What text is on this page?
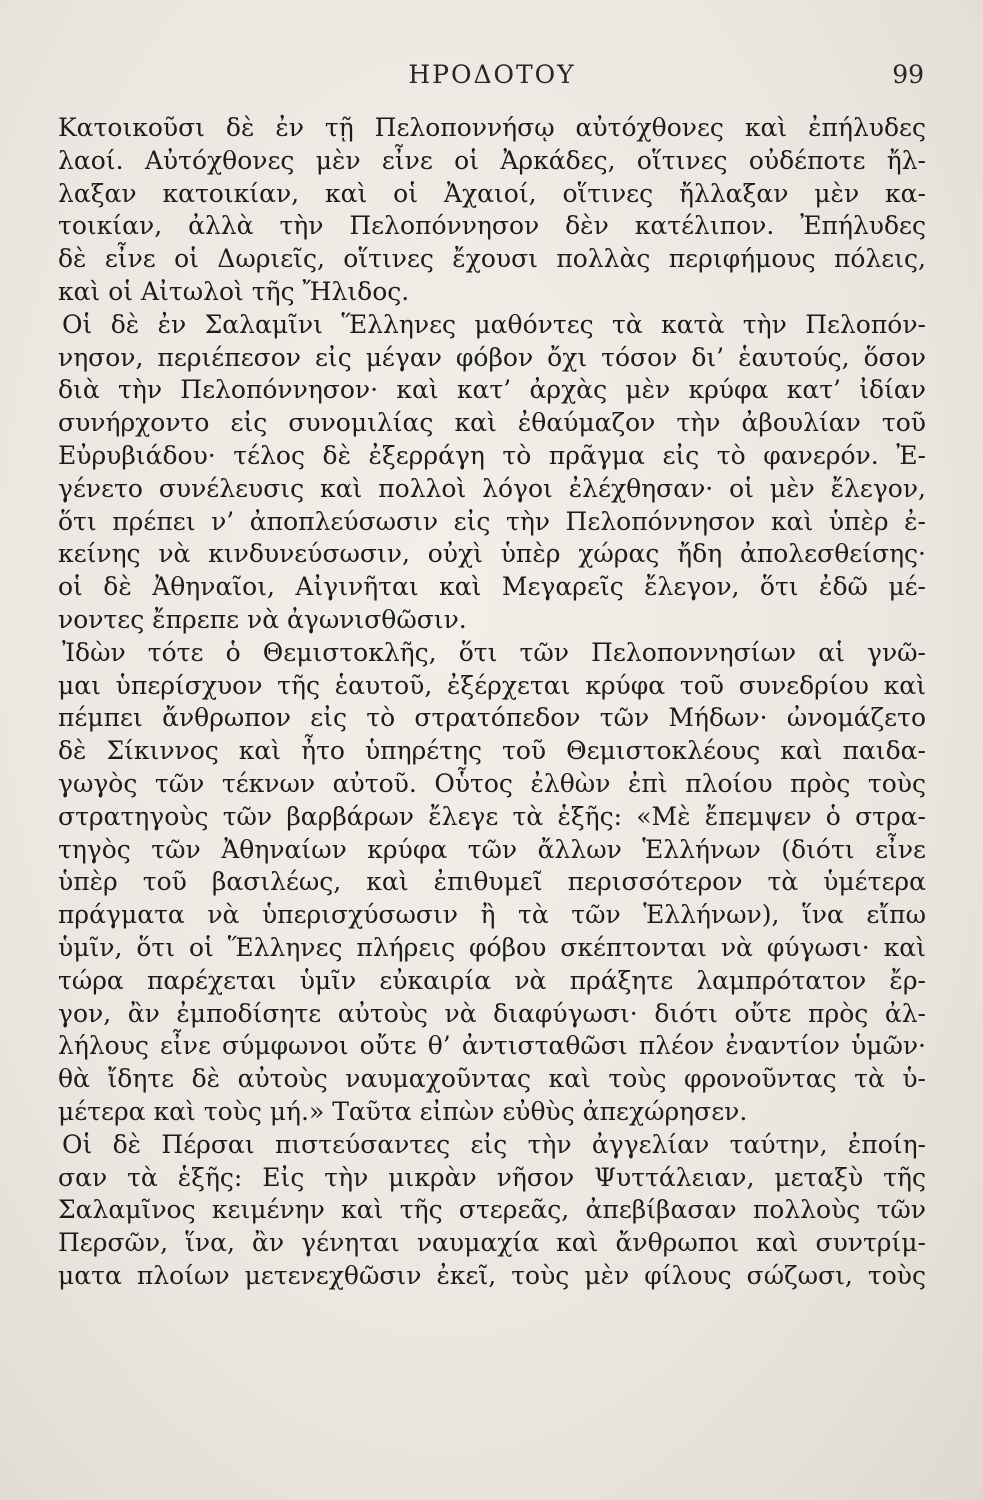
ΗΡΟΔΟΤΟΥ	99
Κατοικοῦσι δὲ ἐν τῇ Πελοποννήσῳ αὐτόχθονες καὶ ἐπήλυδες
λαοί. Αὐτόχθονες μὲν εἶνε οἱ Ἀρκάδες, οἵτινες οὐδέποτε ἤλ-
λαξαν κατοικίαν, καὶ οἱ Ἀχαιοί, οἵτινες ἤλλαξαν μὲν κα-
τοικίαν, ἀλλὰ τὴν Πελοπόννησον δὲν κατέλιπον. Ἐπήλυδες
δὲ εἶνε οἱ Δωριεῖς, οἵτινες ἔχουσι πολλὰς περιφήμους πόλεις,
καὶ οἱ Αἰτωλοὶ τῆς Ἤλιδος.
Οἱ δὲ ἐν Σαλαμῖνι Ἕλληνες μαθόντες τὰ κατὰ τὴν Πελοπόν-
νησον, περιέπεσον εἰς μέγαν φόβον ὄχι τόσον δι’ ἑαυτούς, ὅσον
διὰ τὴν Πελοπόννησον· καὶ κατ’ ἀρχὰς μὲν κρύφα κατ’ ἰδίαν
συνήρχοντο εἰς συνομιλίας καὶ ἐθαύμαζον τὴν ἀβουλίαν τοῦ
Εὐρυβιάδου· τέλος δὲ ἐξερράγη τὸ πρᾶγμα εἰς τὸ φανερόν. Ἐ-
γένετο συνέλευσις καὶ πολλοὶ λόγοι ἐλέχθησαν· οἱ μὲν ἔλεγον,
ὅτι πρέπει ν’ ἀποπλεύσωσιν εἰς τὴν Πελοπόννησον καὶ ὑπὲρ ἐ-
κείνης νὰ κινδυνεύσωσιν, οὐχὶ ὑπὲρ χώρας ἤδη ἀπολεσθείσης·
οἱ δὲ Ἀθηναῖοι, Αἰγινῆται καὶ Μεγαρεῖς ἔλεγον, ὅτι ἐδῶ μέ-
νοντες ἔπρεπε νὰ ἀγωνισθῶσιν.
Ἰδὼν τότε ὁ Θεμιστοκλῆς, ὅτι τῶν Πελοποννησίων αἱ γνῶ-
μαι ὑπερίσχυον τῆς ἑαυτοῦ, ἐξέρχεται κρύφα τοῦ συνεδρίου καὶ
πέμπει ἄνθρωπον εἰς τὸ στρατόπεδον τῶν Μήδων· ὠνομάζετο
δὲ Σίκιννος καὶ ἦτο ὑπηρέτης τοῦ Θεμιστοκλέους καὶ παιδα-
γωγὸς τῶν τέκνων αὐτοῦ. Οὗτος ἐλθὼν ἐπὶ πλοίου πρὸς τοὺς
στρατηγοὺς τῶν βαρβάρων ἔλεγε τὰ ἑξῆς: «Μὲ ἔπεμψεν ὁ στρα-
τηγὸς τῶν Ἀθηναίων κρύφα τῶν ἄλλων Ἑλλήνων (διότι εἶνε
ὑπὲρ τοῦ βασιλέως, καὶ ἐπιθυμεῖ περισσότερον τὰ ὑμέτερα
πράγματα νὰ ὑπερισχύσωσιν ἢ τὰ τῶν Ἑλλήνων), ἵνα εἴπω
ὑμῖν, ὅτι οἱ Ἕλληνες πλήρεις φόβου σκέπτονται νὰ φύγωσι· καὶ
τώρα παρέχεται ὑμῖν εὐκαιρία νὰ πράξητε λαμπρότατον ἔρ-
γον, ἂν ἐμποδίσητε αὐτοὺς νὰ διαφύγωσι· διότι οὔτε πρὸς ἀλ-
λήλους εἶνε σύμφωνοι οὔτε θ’ ἀντισταθῶσι πλέον ἐναντίον ὑμῶν·
θὰ ἴδητε δὲ αὐτοὺς ναυμαχοῦντας καὶ τοὺς φρονοῦντας τὰ ὑ-
μέτερα καὶ τοὺς μή.» Ταῦτα εἰπὼν εὐθὺς ἀπεχώρησεν.
Οἱ δὲ Πέρσαι πιστεύσαντες εἰς τὴν ἀγγελίαν ταύτην, ἐποίη-
σαν τὰ ἑξῆς: Εἰς τὴν μικρὰν νῆσον Ψυττάλειαν, μεταξὺ τῆς
Σαλαμῖνος κειμένην καὶ τῆς στερεᾶς, ἀπεβίβασαν πολλοὺς τῶν
Περσῶν, ἵνα, ἂν γένηται ναυμαχία καὶ ἄνθρωποι καὶ συντρίμ-
ματα πλοίων μετενεχθῶσιν ἐκεῖ, τοὺς μὲν φίλους σώζωσι, τοὺς
